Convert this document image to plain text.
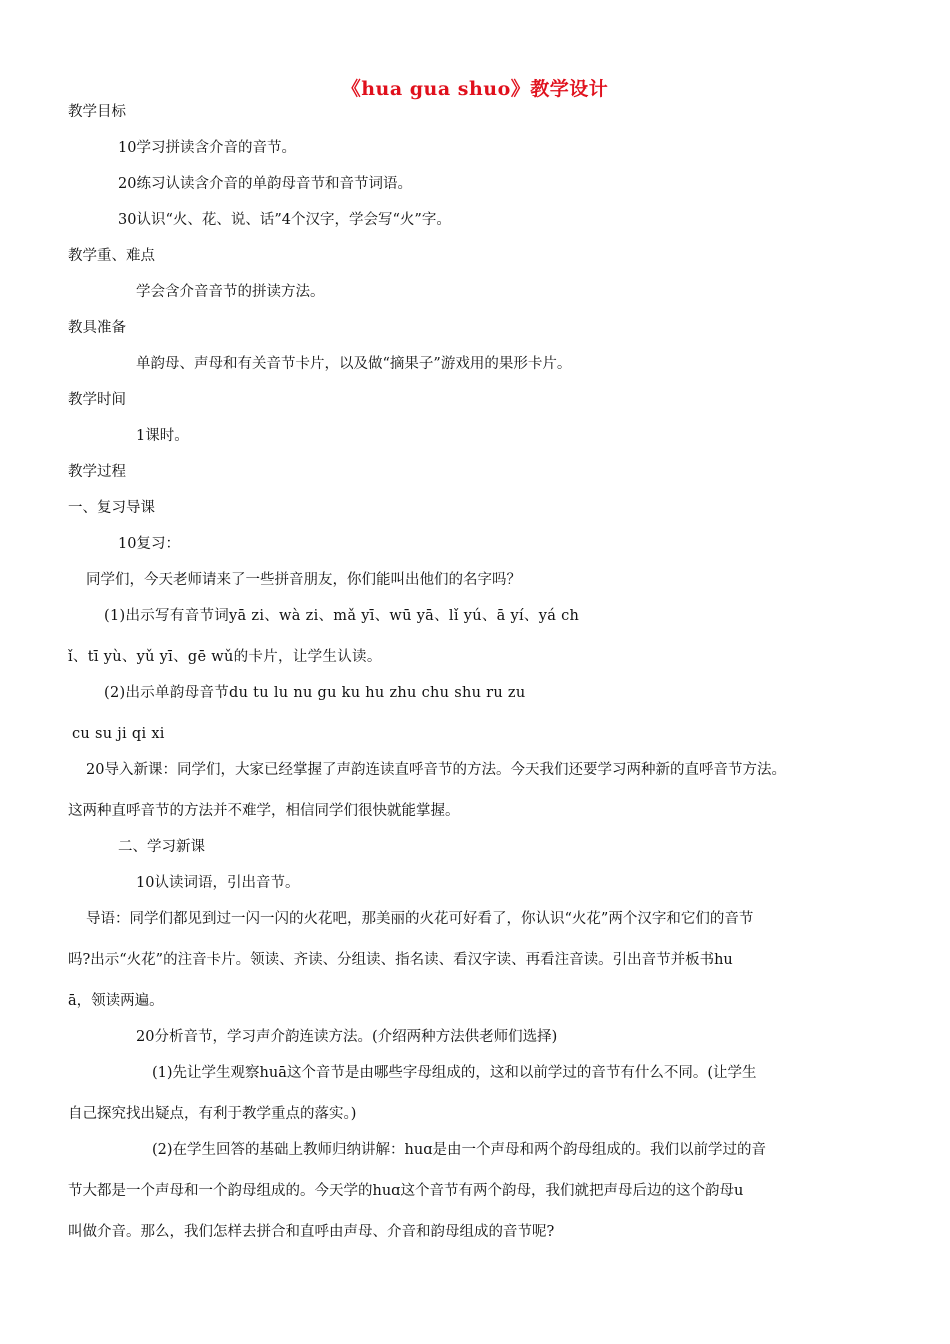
《hua gua shuo》教学设计
教学目标
10学习拼读含介音的音节。
20练习认读含介音的单韵母音节和音节词语。
30认识“火、花、说、话”4个汉字，学会写“火”字。
教学重、难点
学会含介音音节的拼读方法。
教具准备
单韵母、声母和有关音节卡片，以及做“摘果子”游戏用的果形卡片。
教学时间
1课时。
教学过程
一、复习导课
10复习：
同学们，今天老师请来了一些拼音朋友，你们能叫出他们的名字吗？
(1)出示写有音节词yā zi、wà zi、mǎ yī、wū yā、lǐ yú、ā yí、yá ch
ǐ、tī yù、yǔ yī、gē wǔ的卡片，让学生认读。
(2)出示单韵母音节du tu lu nu gu ku hu zhu chu shu ru zu
cu su ji qi xi
20导入新课：同学们，大家已经掌握了声韵连读直呼音节的方法。今天我们还要学习两种新的直呼音节方法。
这两种直呼音节的方法并不难学，相信同学们很快就能掌握。
二、学习新课
10认读词语，引出音节。
导语：同学们都见到过一闪一闪的火花吧，那美丽的火花可好看了，你认识“火花”两个汉字和它们的音节
吗?出示“火花”的注音卡片。领读、齐读、分组读、指名读、看汉字读、再看注音读。引出音节并板书hu
ā，领读两遍。
20分析音节，学习声介韵连读方法。(介绍两种方法供老师们选择)
(1)先让学生观察huā这个音节是由哪些字母组成的，这和以前学过的音节有什么不同。(让学生
自己探究找出疑点，有利于教学重点的落实。)
(2)在学生回答的基础上教师归纳讲解：huɑ是由一个声母和两个韵母组成的。我们以前学过的音
节大都是一个声母和一个韵母组成的。今天学的huɑ这个音节有两个韵母，我们就把声母后边的这个韵母u
叫做介音。那么，我们怎样去拼合和直呼由声母、介音和韵母组成的音节呢?
